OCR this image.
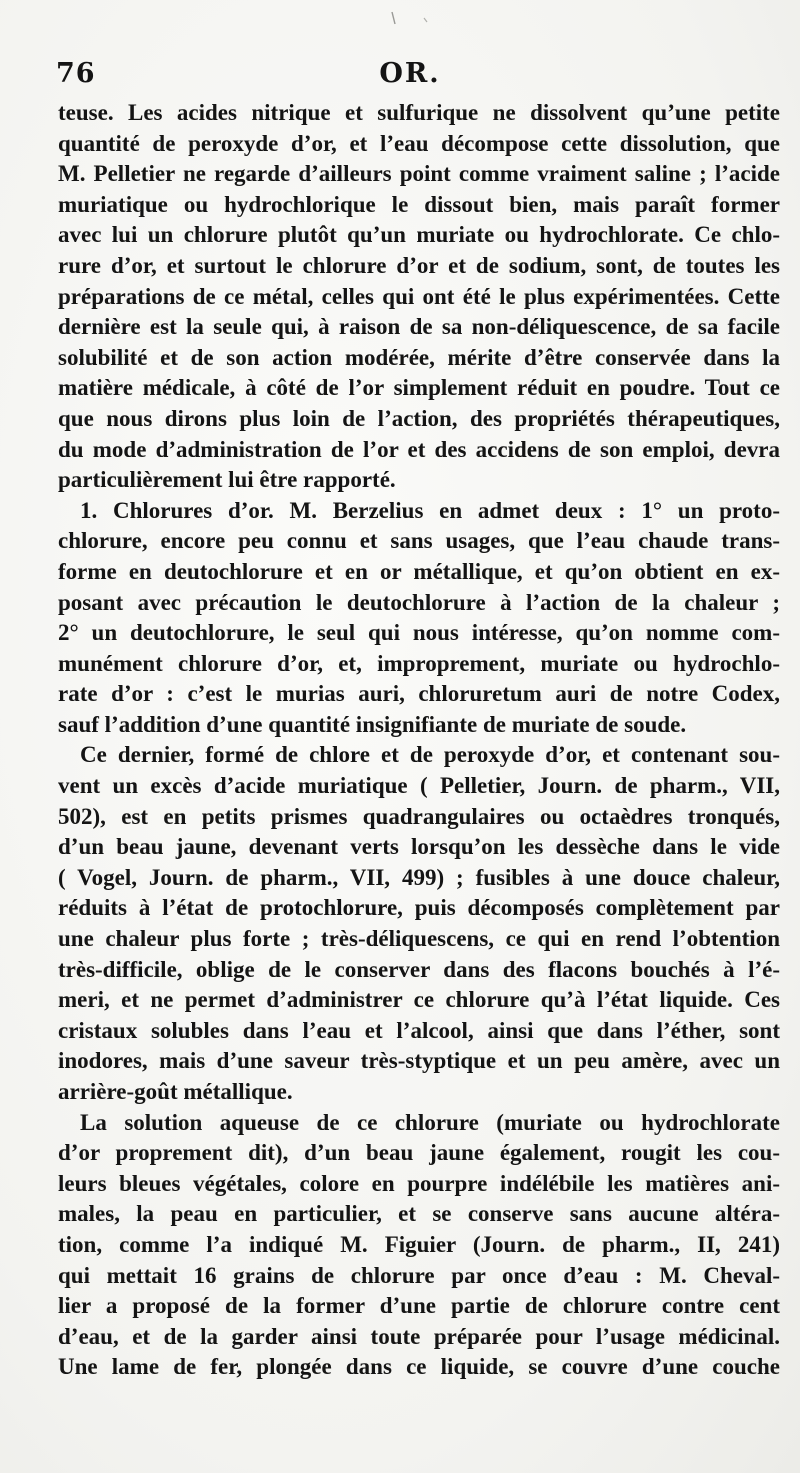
76	OR.
teuse. Les acides nitrique et sulfurique ne dissolvent qu’une petite
quantité de peroxyde d’or, et l’eau décompose cette dissolution, que
M. Pelletier ne regarde d’ailleurs point comme vraiment saline ; l’acide
muriatique ou hydrochlorique le dissout bien, mais paraît former
avec lui un chlorure plutôt qu’un muriate ou hydrochlorate. Ce chlo-
rure d’or, et surtout le chlorure d’or et de sodium, sont, de toutes les
préparations de ce métal, celles qui ont été le plus expérimentées. Cette
dernière est la seule qui, à raison de sa non-déliquescence, de sa facile
solubilité et de son action modérée, mérite d’être conservée dans la
matière médicale, à côté de l’or simplement réduit en poudre. Tout ce
que nous dirons plus loin de l’action, des propriétés thérapeutiques,
du mode d’administration de l’or et des accidens de son emploi, devra
particulièrement lui être rapporté.
1. Chlorures d’or. M. Berzelius en admet deux : 1° un proto-
chlorure, encore peu connu et sans usages, que l’eau chaude trans-
forme en deutochlorure et en or métallique, et qu’on obtient en ex-
posant avec précaution le deutochlorure à l’action de la chaleur ;
2° un deutochlorure, le seul qui nous intéresse, qu’on nomme com-
munément chlorure d’or, et, improprement, muriate ou hydrochlo-
rate d’or : c’est le murias auri, chloruretum auri de notre Codex,
sauf l’addition d’une quantité insignifiante de muriate de soude.
Ce dernier, formé de chlore et de peroxyde d’or, et contenant sou-
vent un excès d’acide muriatique ( Pelletier, Journ. de pharm., VII,
502), est en petits prismes quadrangulaires ou octaèdres tronqués,
d’un beau jaune, devenant verts lorsqu’on les dessèche dans le vide
( Vogel, Journ. de pharm., VII, 499) ; fusibles à une douce chaleur,
réduits à l’état de protochlorure, puis décomposés complètement par
une chaleur plus forte ; très-déliquescens, ce qui en rend l’obtention
très-difficile, oblige de le conserver dans des flacons bouchés à l’é-
meri, et ne permet d’administrer ce chlorure qu’à l’état liquide. Ces
cristaux solubles dans l’eau et l’alcool, ainsi que dans l’éther, sont
inodores, mais d’une saveur très-styptique et un peu amère, avec un
arrière-goût métallique.
La solution aqueuse de ce chlorure (muriate ou hydrochlorate
d’or proprement dit), d’un beau jaune également, rougit les cou-
leurs bleues végétales, colore en pourpre indélébile les matières ani-
males, la peau en particulier, et se conserve sans aucune altéra-
tion, comme l’a indiqué M. Figuier (Journ. de pharm., II, 241)
qui mettait 16 grains de chlorure par once d’eau : M. Cheval-
lier a proposé de la former d’une partie de chlorure contre cent
d’eau, et de la garder ainsi toute préparée pour l’usage médicinal.
Une lame de fer, plongée dans ce liquide, se couvre d’une couche
